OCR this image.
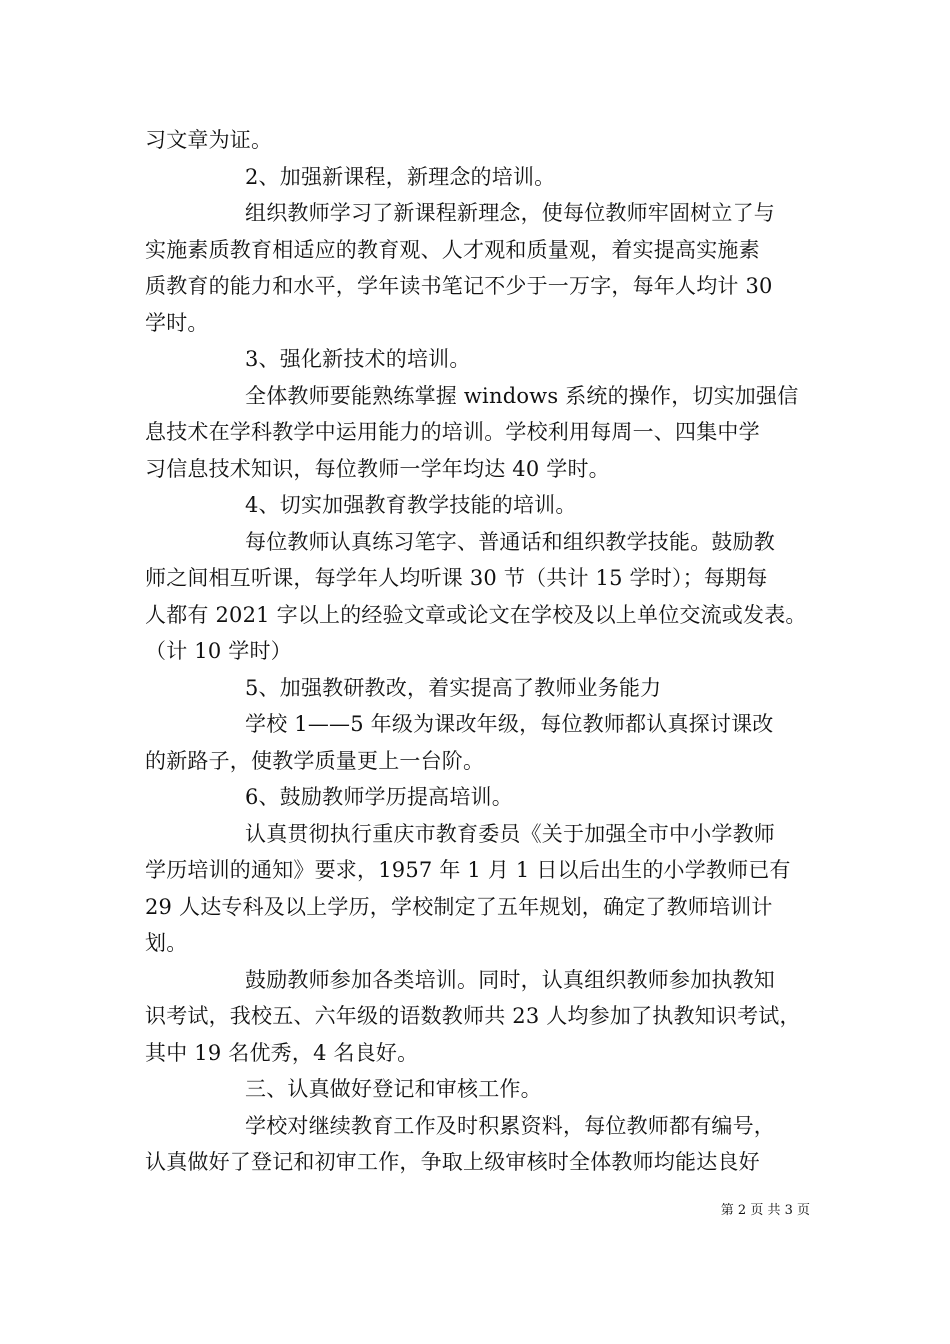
习文章为证。
2、加强新课程，新理念的培训。
组织教师学习了新课程新理念，使每位教师牢固树立了与
实施素质教育相适应的教育观、人才观和质量观，着实提高实施素
质教育的能力和水平，学年读书笔记不少于一万字，每年人均计 30
学时。
3、强化新技术的培训。
全体教师要能熟练掌握 windows 系统的操作，切实加强信
息技术在学科教学中运用能力的培训。学校利用每周一、四集中学
习信息技术知识，每位教师一学年均达 40 学时。
4、切实加强教育教学技能的培训。
每位教师认真练习笔字、普通话和组织教学技能。鼓励教
师之间相互听课，每学年人均听课 30 节（共计 15 学时）；每期每
人都有 2021 字以上的经验文章或论文在学校及以上单位交流或发表。
（计 10 学时）
5、加强教研教改，着实提高了教师业务能力
学校 1——5 年级为课改年级，每位教师都认真探讨课改
的新路子，使教学质量更上一台阶。
6、鼓励教师学历提高培训。
认真贯彻执行重庆市教育委员《关于加强全市中小学教师
学历培训的通知》要求，1957 年 1 月 1 日以后出生的小学教师已有
29 人达专科及以上学历，学校制定了五年规划，确定了教师培训计
划。
鼓励教师参加各类培训。同时，认真组织教师参加执教知
识考试，我校五、六年级的语数教师共 23 人均参加了执教知识考试，
其中 19 名优秀，4 名良好。
三、认真做好登记和审核工作。
学校对继续教育工作及时积累资料，每位教师都有编号，
认真做好了登记和初审工作，争取上级审核时全体教师均能达良好
第 2 页 共 3 页
